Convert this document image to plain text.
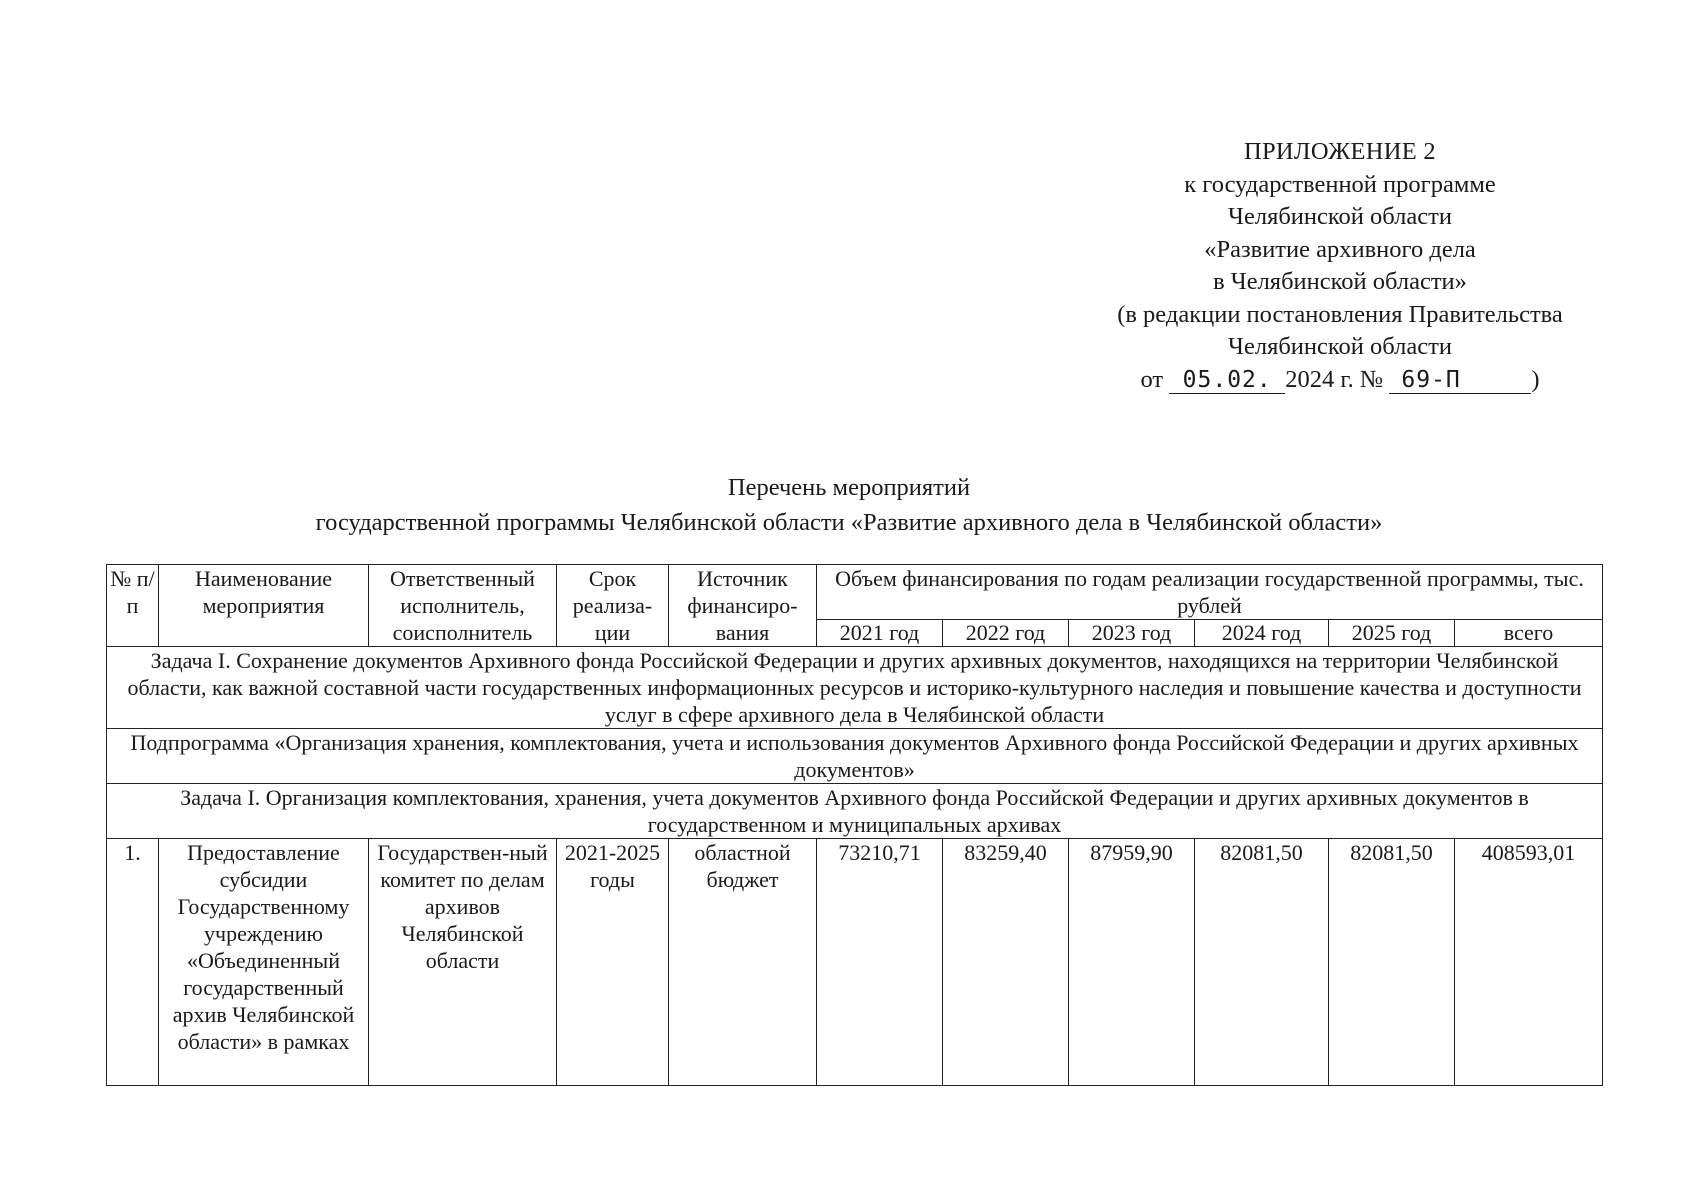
ПРИЛОЖЕНИЕ 2
к государственной программе
Челябинской области
«Развитие архивного дела
в Челябинской области»
(в редакции постановления Правительства
Челябинской области
от 05.02. 2024 г. № 69-П	)
Перечень мероприятий
государственной программы Челябинской области «Развитие архивного дела в Челябинской области»
№ п/п	Наименование мероприятия	Ответственный исполнитель, соисполнитель	Срок реализа-ции	Источник финансиро-вания	Объем финансирования по годам реализации государственной программы, тыс. рублей					
					2021 год	2022 год	2023 год	2024 год	2025 год	всего
Задача I. Сохранение документов Архивного фонда Российской Федерации и других архивных документов, находящихся на территории Челябинской области, как важной составной части государственных информационных ресурсов и историко-культурного наследия и повышение качества и доступности услуг в сфере архивного дела в Челябинской области										
Подпрограмма «Организация хранения, комплектования, учета и использования документов Архивного фонда Российской Федерации и других архивных документов»										
Задача I. Организация комплектования, хранения, учета документов Архивного фонда Российской Федерации и других архивных документов в государственном и муниципальных архивах										
1.	Предоставление субсидии Государственному учреждению «Объединенный государственный архив Челябинской области» в рамках	Государствен-ный комитет по делам архивов Челябинской области	2021-2025 годы	областной бюджет	73210,71	83259,40	87959,90	82081,50	82081,50	408593,01
